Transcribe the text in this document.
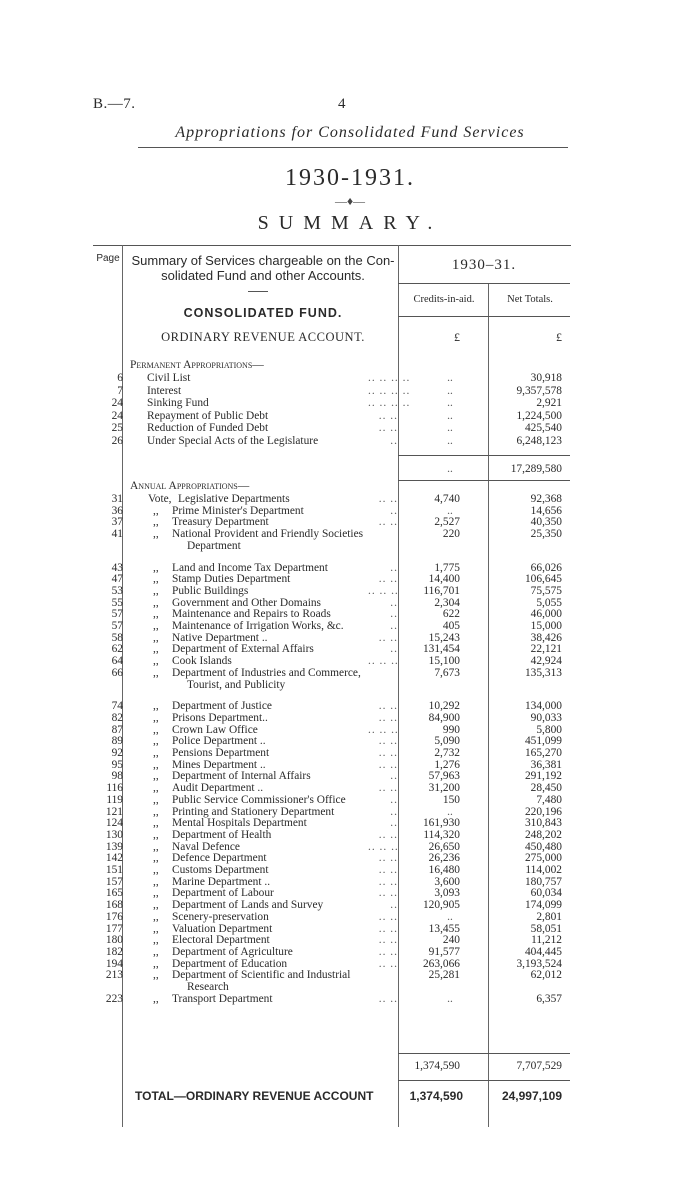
B.—7.	4
Appropriations for Consolidated Fund Services
1930-1931.
—♦—
SUMMARY.
Page Summary of Services chargeable on the Con-
solidated Fund and other Accounts.
1930–31.
Credits-in-aid.	Net Totals.
CONSOLIDATED FUND.
ORDINARY REVENUE ACCOUNT.	£	£
Permanent Appropriations—
6 Civil List	.. .. .. ..	..	30,918
7 Interest	.. .. .. ..	..	9,357,578
24 Sinking Fund	.. .. .. ..	..	2,921
24 Repayment of Public Debt	.. ..	..	1,224,500
25 Reduction of Funded Debt	.. ..	..	425,540
26 Under Special Acts of the Legislature	..	..	6,248,123
..	17,289,580
Annual Appropriations—
31 Vote, Legislative Departments	.. ..	4,740	92,368
36	,, Prime Minister's Department	..	..	14,656
37	,, Treasury Department	.. ..	2,527	40,350
41	,, National Provident and Friendly Societies	220	25,350
Department
43	,, Land and Income Tax Department	..	1,775	66,026
47	,, Stamp Duties Department	.. ..	14,400	106,645
53	,, Public Buildings	.. .. ..	116,701	75,575
55	,, Government and Other Domains	..	2,304	5,055
57	,, Maintenance and Repairs to Roads	..	622	46,000
57	,, Maintenance of Irrigation Works, &c.	..	405	15,000
58	,, Native Department ..	.. ..	15,243	38,426
62	,, Department of External Affairs	..	131,454	22,121
64	,, Cook Islands	.. .. ..	15,100	42,924
66	,, Department of Industries and Commerce,	7,673	135,313
Tourist, and Publicity
74	,, Department of Justice	.. ..	10,292	134,000
82	,, Prisons Department..	.. ..	84,900	90,033
87	,, Crown Law Office	.. .. ..	990	5,800
89	,, Police Department ..	.. ..	5,090	451,099
92	,, Pensions Department	.. ..	2,732	165,270
95	,, Mines Department ..	.. ..	1,276	36,381
98	,, Department of Internal Affairs	..	57,963	291,192
116	,, Audit Department ..	.. ..	31,200	28,450
119	,, Public Service Commissioner's Office	..	150	7,480
121	,, Printing and Stationery Department	..	..	220,196
124	,, Mental Hospitals Department	..	161,930	310,843
130	,, Department of Health	.. ..	114,320	248,202
139	,, Naval Defence	.. .. ..	26,650	450,480
142	,, Defence Department	.. ..	26,236	275,000
151	,, Customs Department	.. ..	16,480	114,002
157	,, Marine Department ..	.. ..	3,600	180,757
165	,, Department of Labour	.. ..	3,093	60,034
168	,, Department of Lands and Survey	..	120,905	174,099
176	,, Scenery-preservation	.. ..	..	2,801
177	,, Valuation Department	.. ..	13,455	58,051
180	,, Electoral Department	.. ..	240	11,212
182	,, Department of Agriculture	.. ..	91,577	404,445
194	,, Department of Education	.. ..	263,066	3,193,524
213	,, Department of Scientific and Industrial	25,281	62,012
Research
223	,, Transport Department	.. ..	..	6,357
1,374,590	7,707,529
TOTAL—ORDINARY REVENUE ACCOUNT	1,374,590	24,997,109
